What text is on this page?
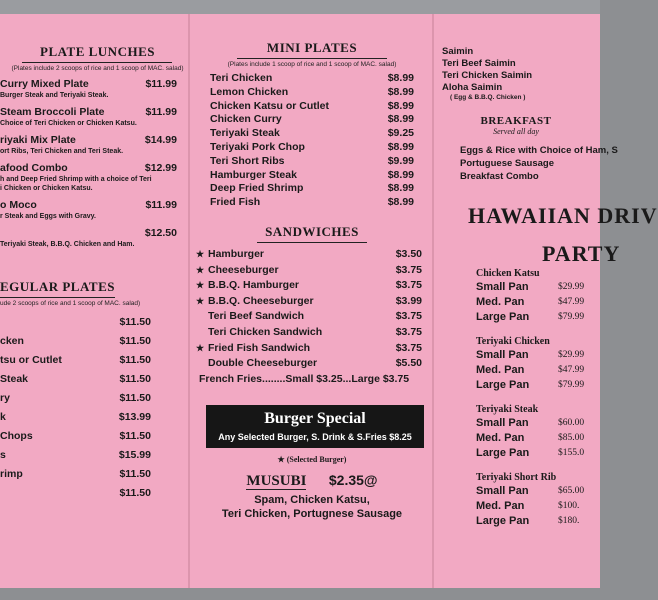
PLATE LUNCHES
(Plates include 2 scoops of rice and 1 scoop of MAC. salad)
Curry Mixed Plate	$11.99
Burger Steak and Teriyaki Steak.
Steam Broccoli Plate	$11.99
Choice of Teri Chicken or Chicken Katsu.
riyaki Mix Plate	$14.99
ort Ribs, Teri Chicken and Teri Steak.
afood Combo	$12.99
h and Deep Fried Shrimp with a choice of Teri
i Chicken or Chicken Katsu.
o Moco	$11.99
r Steak and Eggs with Gravy.
$12.50
Teriyaki Steak, B.B.Q. Chicken and Ham.
EGULAR PLATES
ude 2 scoops of rice and 1 scoop of MAC. salad)
$11.50
cken	$11.50
tsu or Cutlet	$11.50
Steak	$11.50
ry	$11.50
k	$13.99
Chops	$11.50
s	$15.99
rimp	$11.50
$11.50
MINI PLATES
(Plates include 1 scoop of rice and 1 scoop of MAC. salad)
Teri Chicken	$8.99
Lemon Chicken	$8.99
Chicken Katsu or Cutlet	$8.99
Chicken Curry	$8.99
Teriyaki Steak	$9.25
Teriyaki Pork Chop	$8.99
Teri Short Ribs	$9.99
Hamburger Steak	$8.99
Deep Fried Shrimp	$8.99
Fried Fish	$8.99
SANDWICHES
★ Hamburger	$3.50
★ Cheeseburger	$3.75
★ B.B.Q. Hamburger	$3.75
★ B.B.Q. Cheeseburger	$3.99
Teri Beef Sandwich	$3.75
Teri Chicken Sandwich	$3.75
★ Fried Fish Sandwich	$3.75
Double Cheeseburger	$5.50
French Fries........Small $3.25...Large $3.75
Burger Special
Any Selected Burger, S. Drink & S.Fries $8.25
★ (Selected Burger)
MUSUBI $2.35@
Spam, Chicken Katsu,
Teri Chicken, Portugnese Sausage
Saimin
Teri Beef Saimin
Teri Chicken Saimin
Aloha Saimin
( Egg & B.B.Q. Chicken )
BREAKFAST
Served all day
Eggs & Rice with Choice of Ham, S
Portuguese Sausage
Breakfast Combo
HAWAIIAN DRIV
PARTY
Chicken Katsu
Small Pan	$29.99
Med. Pan	$47.99
Large Pan	$79.99
Teriyaki Chicken
Small Pan	$29.99
Med. Pan	$47.99
Large Pan	$79.99
Teriyaki Steak
Small Pan	$60.00
Med. Pan	$85.00
Large Pan	$155.0
Teriyaki Short Rib
Small Pan	$65.00
Med. Pan	$100.
Large Pan	$180.
